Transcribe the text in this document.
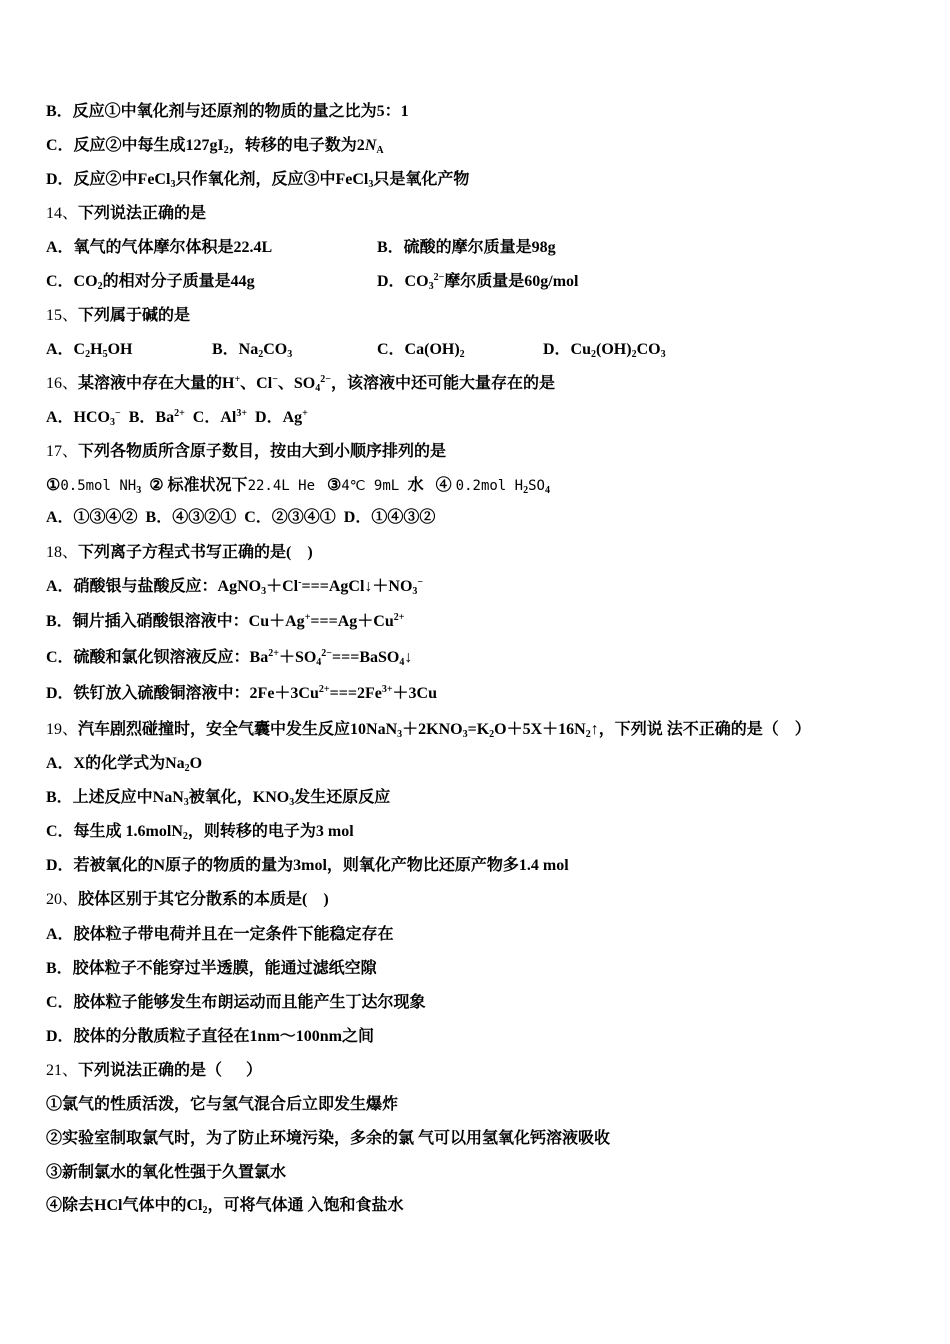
B．反应①中氧化剂与还原剂的物质的量之比为5：1
C．反应②中每生成$127gI_2$，转移的电子数为$2N_A$
D．反应②中FeCl$_3$只作氧化剂，反应③中FeCl$_3$只是氧化产物
14、下列说法正确的是
A．氧气的气体摩尔体积是22.4L	B．硫酸的摩尔质量是98g
C．$CO_2$的相对分子质量是44g	D．$CO_3^{2-}$摩尔质量是60g/mol
15、下列属于碱的是
A．$C_2H_5OH$	B．$Na_2CO_3$	C．$Ca(OH)_2$	D．$Cu_2(OH)_2CO_3$
16、某溶液中存在大量的H+、Cl−、$SO_4^{2-}$，该溶液中还可能大量存在的是
A．$HCO_3^-$  B．$Ba^{2+}$  C．$Al^{3+}$  D．Ag+
17、下列各物质所含原子数目，按由大到小顺序排列的是
①0.5mol $NH_3$  ② 标准状况下22.4L He   ③4℃ 9mL 水   ④ 0.2mol $H_2SO_4$
A．①③④②  B．④③②①  C．②③④①  D．①④③②
18、下列离子方程式书写正确的是(    )
A．硝酸银与盐酸反应：$AgNO_3+Cl^-===AgCl↓+NO_3^-$
B．铜片插入硝酸银溶液中：$Cu+Ag^+===Ag+Cu^{2+}$
C．硫酸和氯化钡溶液反应：$Ba^{2+}+SO_4^{2-}===BaSO_4↓$
D．铁钉放入硫酸铜溶液中：$2Fe+3Cu^{2+}===2Fe^{3+}+3Cu$
19、汽车剧烈碰撞时，安全气囊中发生反应$10NaN_3+2KNO_3=K_2O+5X+16N_2↑$，下列说 法不正确的是（    ）
A．X的化学式为$Na_2O$
B．上述反应中NaN$_3$被氧化，$KNO_3$发生还原反应
C．每生成 1.6molN$_2$，则转移的电子为3 mol
D．若被氧化的N原子的物质的量为3mol，则氧化产物比还原产物多1.4 mol
20、胶体区别于其它分散系的本质是(    )
A．胶体粒子带电荷并且在一定条件下能稳定存在
B．胶体粒子不能穿过半透膜，能通过滤纸空隙
C．胶体粒子能够发生布朗运动而且能产生丁达尔现象
D．胶体的分散质粒子直径在1nm～100nm之间
21、下列说法正确的是（      ）
①氯气的性质活泼，它与氢气混合后立即发生爆炸
②实验室制取氯气时，为了防止环境污染，多余的氯 气可以用氢氧化钙溶液吸收
③新制氯水的氧化性强于久置氯水
④除去HCl气体中的$Cl_2$，可将气体通 入饱和食盐水
